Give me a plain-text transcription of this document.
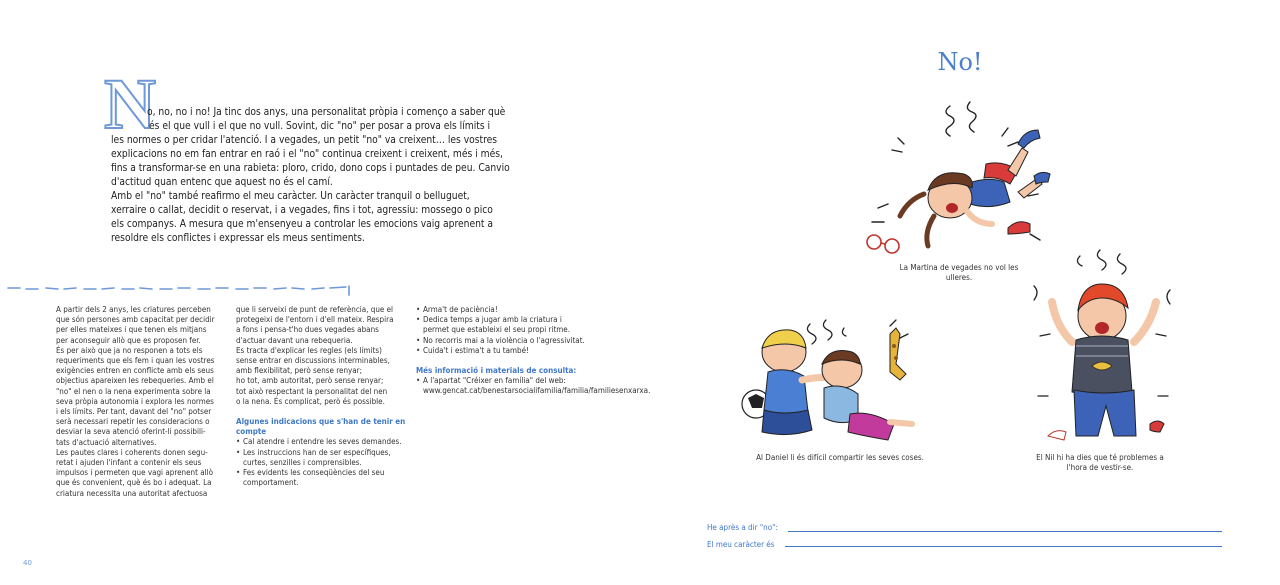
N

o, no, no i no! Ja tinc dos anys, una personalitat pròpia i començo a saber què

és el que vull i el que no vull. Sovint, dic "no" per posar a prova els límits i

les normes o per cridar l'atenció. I a vegades, un petit "no" va creixent… les vostres

explicacions no em fan entrar en raó i el "no" continua creixent i creixent, més i més,

fins a transformar-se en una rabieta: ploro, crido, dono cops i puntades de peu. Canvio

d'actitud quan entenc que aquest no és el camí.

Amb el "no" també reafirmo el meu caràcter. Un caràcter tranquil o belluguet,

xerraire o callat, decidit o reservat, i a vegades, fins i tot, agressiu: mossego o pico

els companys. A mesura que m'ensenyeu a controlar les emocions vaig aprenent a

resoldre els conflictes i expressar els meus sentiments.

A partir dels 2 anys, les criatures perceben

que són persones amb capacitat per decidir

per elles mateixes i que tenen els mitjans

per aconseguir allò que es proposen fer.

És per això que ja no responen a tots els

requeriments que els fem i quan les vostres

exigències entren en conflicte amb els seus

objectius apareixen les rebequeries. Amb el

"no" el nen o la nena experimenta sobre la

seva pròpia autonomia i explora les normes

i els límits. Per tant, davant del "no" potser

serà necessari repetir les consideracions o

desviar la seva atenció oferint-li possibili-

tats d'actuació alternatives.

Les pautes clares i coherents donen segu-

retat i ajuden l'infant a contenir els seus

impulsos i permeten que vagi aprenent allò

que és convenient, què és bo i adequat. La

criatura necessita una autoritat afectuosa

que li serveixi de punt de referència, que el

protegeixi de l'entorn i d'ell mateix. Respira

a fons i pensa-t'ho dues vegades abans

d'actuar davant una rebequeria.

Es tracta d'explicar les regles (els límits)

sense entrar en discussions interminables,

amb flexibilitat, però sense renyar;

ho tot, amb autoritat, però sense renyar;

tot això respectant la personalitat del nen

o la nena. És complicat, però és possible.

Algunes indicacions que s'han de tenir en compte

• Cal atendre i entendre les seves demandes.
• Les instruccions han de ser específiques, curtes, senzilles i comprensibles.
• Fes evidents les conseqüències del seu comportament.
• Arma't de paciència!
• Dedica temps a jugar amb la criatura i permet que estableixi el seu propi ritme.
• No recorris mai a la violència o l'agressivitat.
• Cuida't i estima't a tu també!

Més informació i materials de consulta:

• A l'apartat "Créixer en família" del web: www.gencat.cat/benestarsocialifamilia/familia/familiesenxarxa.
40
No!
La Martina de vegades no vol les ulleres.
Al Daniel li és difícil compartir les seves coses.	El Nil hi ha dies que té problemes a l'hora de vestir-se.
He après a dir "no":
El meu caràcter és
